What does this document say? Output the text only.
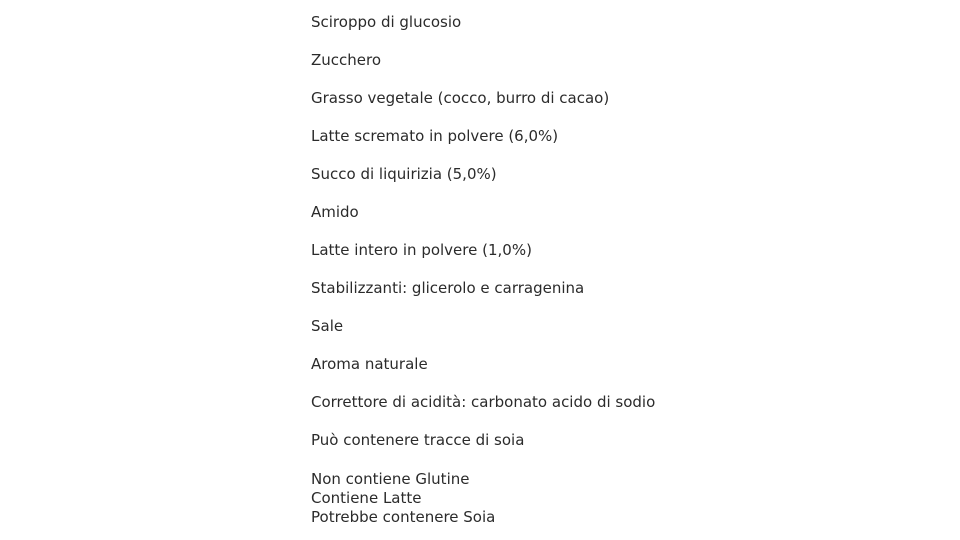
Sciroppo di glucosio
Zucchero
Grasso vegetale (cocco, burro di cacao)
Latte scremato in polvere (6,0%)
Succo di liquirizia (5,0%)
Amido
Latte intero in polvere (1,0%)
Stabilizzanti: glicerolo e carragenina
Sale
Aroma naturale
Correttore di acidità: carbonato acido di sodio
Può contenere tracce di soia
Non contiene Glutine
Contiene Latte
Potrebbe contenere Soia
